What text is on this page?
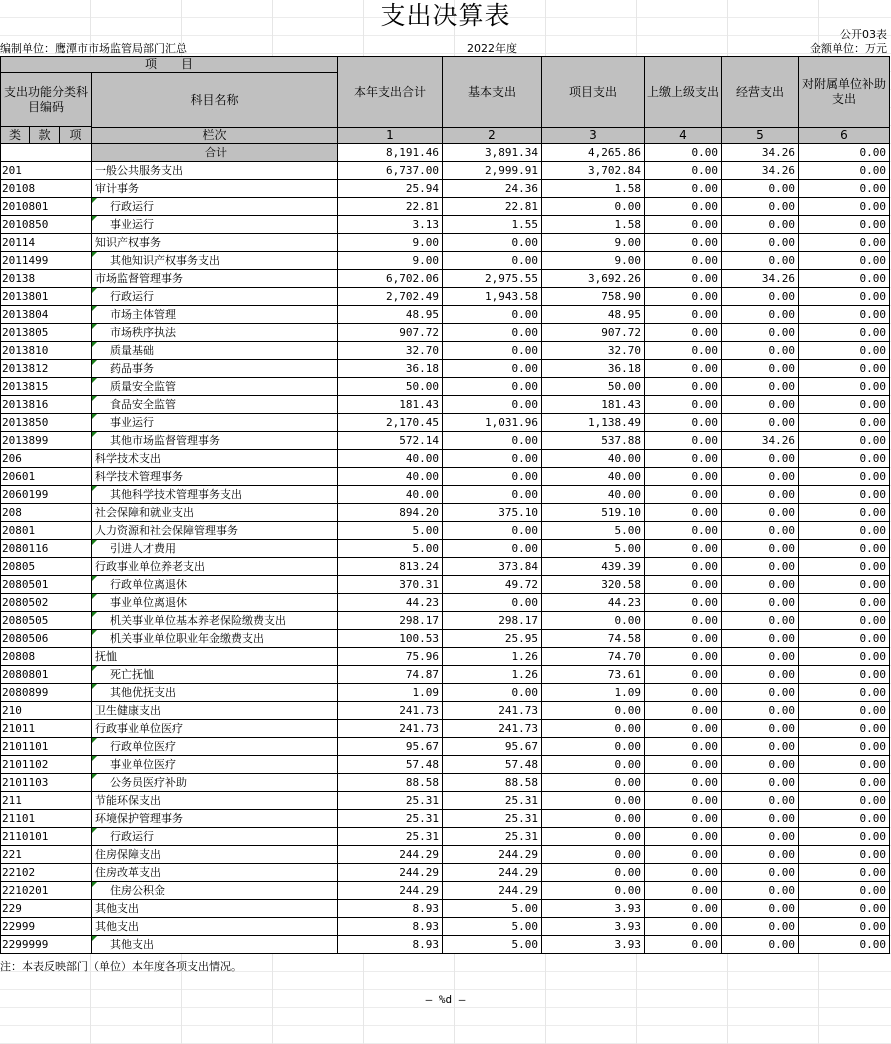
支出决算表
公开03表
编制单位：鹰潭市市场监管局部门汇总	2022年度	金额单位：万元
项　　目				本年支出合计	基本支出	项目支出	上缴上级支出	经营支出	对附属单位补助支出
支出功能分类科目编码			科目名称						
类	款	项							
			栏次	1	2	3	4	5	6
			合计	8,191.46	3,891.34	4,265.86	0.00	34.26	0.00
201			一般公共服务支出	6,737.00	2,999.91	3,702.84	0.00	34.26	0.00
20108			审计事务	25.94	24.36	1.58	0.00	0.00	0.00
2010801			行政运行	22.81	22.81	0.00	0.00	0.00	0.00
2010850			事业运行	3.13	1.55	1.58	0.00	0.00	0.00
20114			知识产权事务	9.00	0.00	9.00	0.00	0.00	0.00
2011499			其他知识产权事务支出	9.00	0.00	9.00	0.00	0.00	0.00
20138			市场监督管理事务	6,702.06	2,975.55	3,692.26	0.00	34.26	0.00
2013801			行政运行	2,702.49	1,943.58	758.90	0.00	0.00	0.00
2013804			市场主体管理	48.95	0.00	48.95	0.00	0.00	0.00
2013805			市场秩序执法	907.72	0.00	907.72	0.00	0.00	0.00
2013810			质量基础	32.70	0.00	32.70	0.00	0.00	0.00
2013812			药品事务	36.18	0.00	36.18	0.00	0.00	0.00
2013815			质量安全监管	50.00	0.00	50.00	0.00	0.00	0.00
2013816			食品安全监管	181.43	0.00	181.43	0.00	0.00	0.00
2013850			事业运行	2,170.45	1,031.96	1,138.49	0.00	0.00	0.00
2013899			其他市场监督管理事务	572.14	0.00	537.88	0.00	34.26	0.00
206			科学技术支出	40.00	0.00	40.00	0.00	0.00	0.00
20601			科学技术管理事务	40.00	0.00	40.00	0.00	0.00	0.00
2060199			其他科学技术管理事务支出	40.00	0.00	40.00	0.00	0.00	0.00
208			社会保障和就业支出	894.20	375.10	519.10	0.00	0.00	0.00
20801			人力资源和社会保障管理事务	5.00	0.00	5.00	0.00	0.00	0.00
2080116			引进人才费用	5.00	0.00	5.00	0.00	0.00	0.00
20805			行政事业单位养老支出	813.24	373.84	439.39	0.00	0.00	0.00
2080501			行政单位离退休	370.31	49.72	320.58	0.00	0.00	0.00
2080502			事业单位离退休	44.23	0.00	44.23	0.00	0.00	0.00
2080505			机关事业单位基本养老保险缴费支出	298.17	298.17	0.00	0.00	0.00	0.00
2080506			机关事业单位职业年金缴费支出	100.53	25.95	74.58	0.00	0.00	0.00
20808			抚恤	75.96	1.26	74.70	0.00	0.00	0.00
2080801			死亡抚恤	74.87	1.26	73.61	0.00	0.00	0.00
2080899			其他优抚支出	1.09	0.00	1.09	0.00	0.00	0.00
210			卫生健康支出	241.73	241.73	0.00	0.00	0.00	0.00
21011			行政事业单位医疗	241.73	241.73	0.00	0.00	0.00	0.00
2101101			行政单位医疗	95.67	95.67	0.00	0.00	0.00	0.00
2101102			事业单位医疗	57.48	57.48	0.00	0.00	0.00	0.00
2101103			公务员医疗补助	88.58	88.58	0.00	0.00	0.00	0.00
211			节能环保支出	25.31	25.31	0.00	0.00	0.00	0.00
21101			环境保护管理事务	25.31	25.31	0.00	0.00	0.00	0.00
2110101			行政运行	25.31	25.31	0.00	0.00	0.00	0.00
221			住房保障支出	244.29	244.29	0.00	0.00	0.00	0.00
22102			住房改革支出	244.29	244.29	0.00	0.00	0.00	0.00
2210201			住房公积金	244.29	244.29	0.00	0.00	0.00	0.00
229			其他支出	8.93	5.00	3.93	0.00	0.00	0.00
22999			其他支出	8.93	5.00	3.93	0.00	0.00	0.00
2299999			其他支出	8.93	5.00	3.93	0.00	0.00	0.00
注：本表反映部门（单位）本年度各项支出情况。
— %d —
